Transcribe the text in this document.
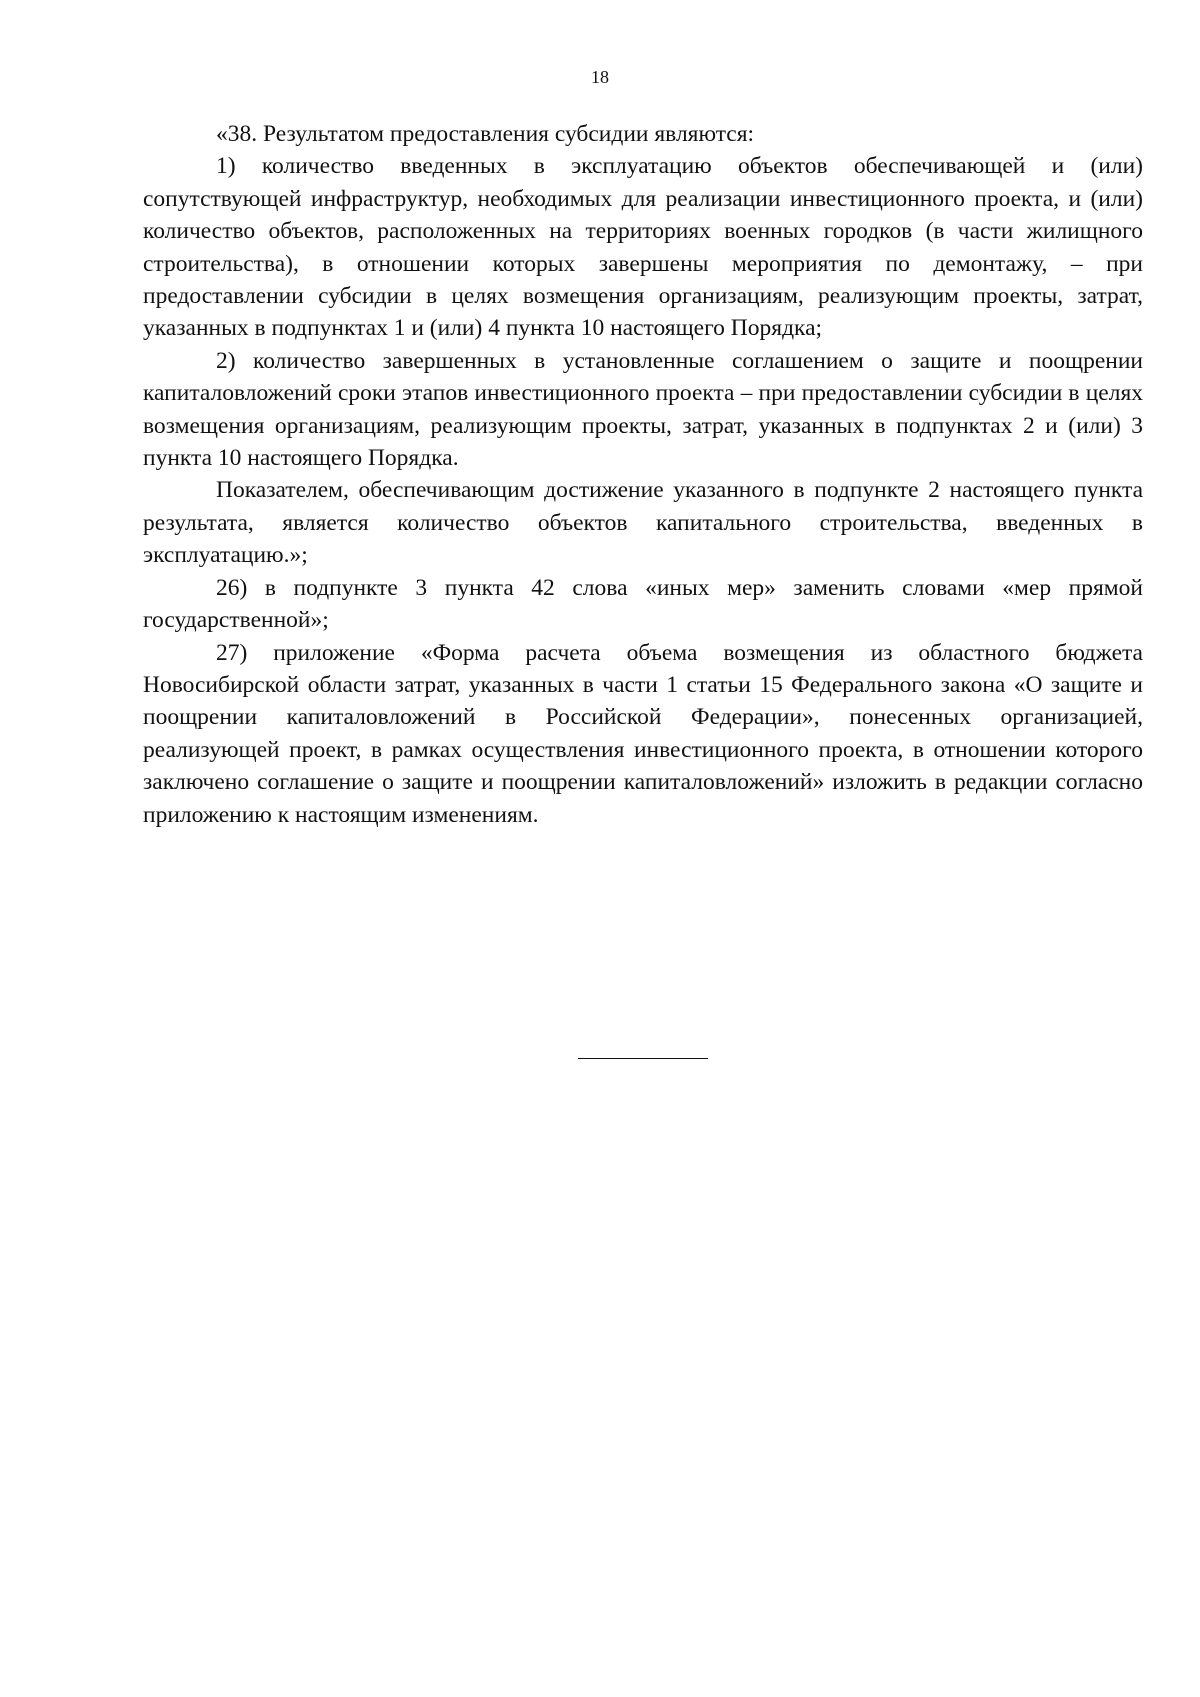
18

«38. Результатом предоставления субсидии являются:

1) количество введенных в эксплуатацию объектов обеспечивающей и (или) сопутствующей инфраструктур, необходимых для реализации инвестиционного проекта, и (или) количество объектов, расположенных на территориях военных городков (в части жилищного строительства), в отношении которых завершены мероприятия по демонтажу, – при предоставлении субсидии в целях возмещения организациям, реализующим проекты, затрат, указанных в подпунктах 1 и (или) 4 пункта 10 настоящего Порядка;

2) количество завершенных в установленные соглашением о защите и поощрении капиталовложений сроки этапов инвестиционного проекта – при предоставлении субсидии в целях возмещения организациям, реализующим проекты, затрат, указанных в подпунктах 2 и (или) 3 пункта 10 настоящего Порядка.

Показателем, обеспечивающим достижение указанного в подпункте 2 настоящего пункта результата, является количество объектов капитального строительства, введенных в эксплуатацию.»;

26) в подпункте 3 пункта 42 слова «иных мер» заменить словами «мер прямой государственной»;

27) приложение «Форма расчета объема возмещения из областного бюджета Новосибирской области затрат, указанных в части 1 статьи 15 Федерального закона «О защите и поощрении капиталовложений в Российской Федерации», понесенных организацией, реализующей проект, в рамках осуществления инвестиционного проекта, в отношении которого заключено соглашение о защите и поощрении капиталовложений» изложить в редакции согласно приложению к настоящим изменениям.
